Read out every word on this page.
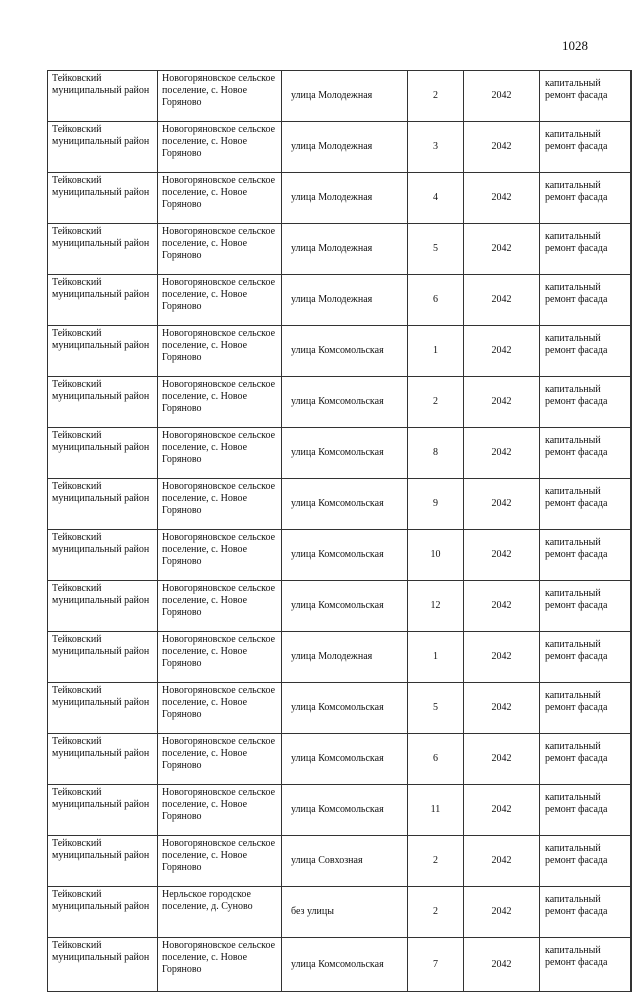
1028
Тейковский муниципальный район	Новогоряновское сельское поселение, с. Новое Горяново	улица Молодежная	2	2042	капитальный ремонт фасада
Тейковский муниципальный район	Новогоряновское сельское поселение, с. Новое Горяново	улица Молодежная	3	2042	капитальный ремонт фасада
Тейковский муниципальный район	Новогоряновское сельское поселение, с. Новое Горяново	улица Молодежная	4	2042	капитальный ремонт фасада
Тейковский муниципальный район	Новогоряновское сельское поселение, с. Новое Горяново	улица Молодежная	5	2042	капитальный ремонт фасада
Тейковский муниципальный район	Новогоряновское сельское поселение, с. Новое Горяново	улица Молодежная	6	2042	капитальный ремонт фасада
Тейковский муниципальный район	Новогоряновское сельское поселение, с. Новое Горяново	улица Комсомольская	1	2042	капитальный ремонт фасада
Тейковский муниципальный район	Новогоряновское сельское поселение, с. Новое Горяново	улица Комсомольская	2	2042	капитальный ремонт фасада
Тейковский муниципальный район	Новогоряновское сельское поселение, с. Новое Горяново	улица Комсомольская	8	2042	капитальный ремонт фасада
Тейковский муниципальный район	Новогоряновское сельское поселение, с. Новое Горяново	улица Комсомольская	9	2042	капитальный ремонт фасада
Тейковский муниципальный район	Новогоряновское сельское поселение, с. Новое Горяново	улица Комсомольская	10	2042	капитальный ремонт фасада
Тейковский муниципальный район	Новогоряновское сельское поселение, с. Новое Горяново	улица Комсомольская	12	2042	капитальный ремонт фасада
Тейковский муниципальный район	Новогоряновское сельское поселение, с. Новое Горяново	улица Молодежная	1	2042	капитальный ремонт фасада
Тейковский муниципальный район	Новогоряновское сельское поселение, с. Новое Горяново	улица Комсомольская	5	2042	капитальный ремонт фасада
Тейковский муниципальный район	Новогоряновское сельское поселение, с. Новое Горяново	улица Комсомольская	6	2042	капитальный ремонт фасада
Тейковский муниципальный район	Новогоряновское сельское поселение, с. Новое Горяново	улица Комсомольская	11	2042	капитальный ремонт фасада
Тейковский муниципальный район	Новогоряновское сельское поселение, с. Новое Горяново	улица Совхозная	2	2042	капитальный ремонт фасада
Тейковский муниципальный район	Нерльское городское поселение, д. Суново	без улицы	2	2042	капитальный ремонт фасада
Тейковский муниципальный район	Новогоряновское сельское поселение, с. Новое Горяново	улица Комсомольская	7	2042	капитальный ремонт фасада
